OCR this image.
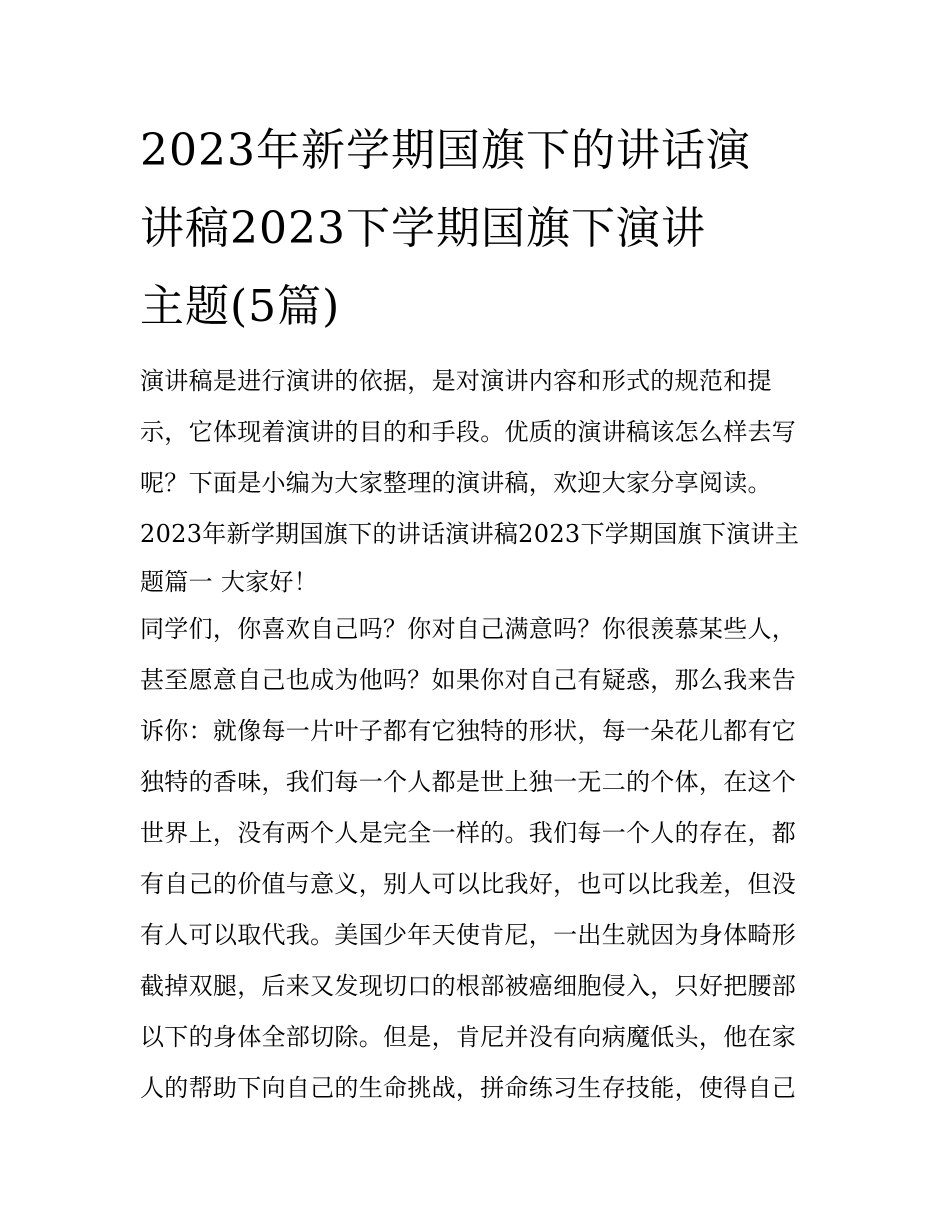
2023年新学期国旗下的讲话演
讲稿2023下学期国旗下演讲
主题(5篇)
演讲稿是进行演讲的依据，是对演讲内容和形式的规范和提
示，它体现着演讲的目的和手段。优质的演讲稿该怎么样去写
呢？下面是小编为大家整理的演讲稿，欢迎大家分享阅读。
2023年新学期国旗下的讲话演讲稿2023下学期国旗下演讲主
题篇一 大家好！
同学们，你喜欢自己吗？你对自己满意吗？你很羡慕某些人，
甚至愿意自己也成为他吗？如果你对自己有疑惑，那么我来告
诉你：就像每一片叶子都有它独特的形状，每一朵花儿都有它
独特的香味，我们每一个人都是世上独一无二的个体，在这个
世界上，没有两个人是完全一样的。我们每一个人的存在，都
有自己的价值与意义，别人可以比我好，也可以比我差，但没
有人可以取代我。美国少年天使肯尼，一出生就因为身体畸形
截掉双腿，后来又发现切口的根部被癌细胞侵入，只好把腰部
以下的身体全部切除。但是，肯尼并没有向病魔低头，他在家
人的帮助下向自己的生命挑战，拼命练习生存技能，使得自己
